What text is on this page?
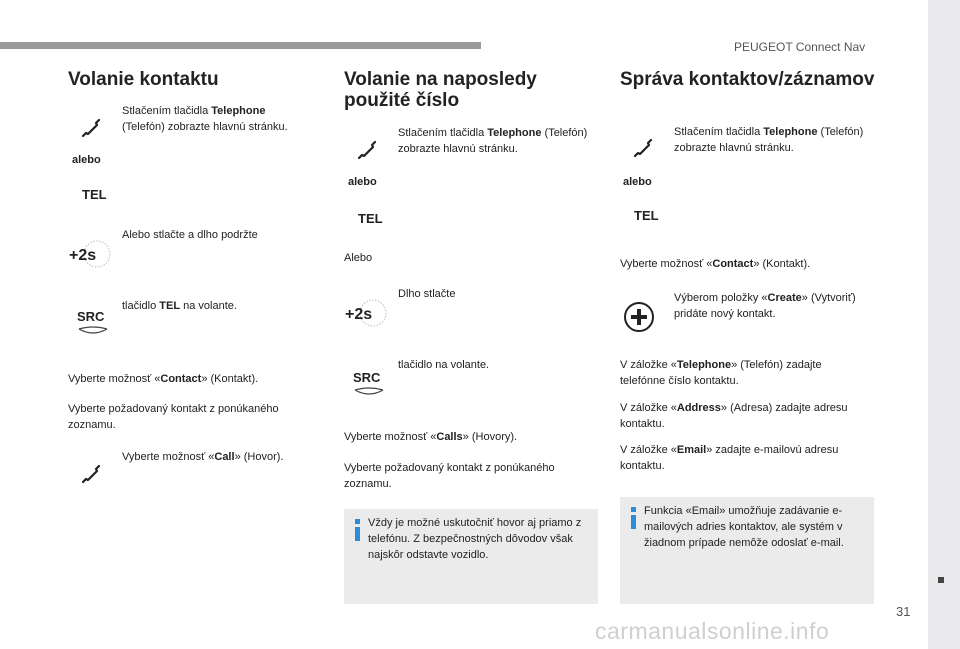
PEUGEOT Connect Nav
31
carmanualsonline.info
Volanie kontaktu
alebo
TEL
Stlačením tlačidla Telephone (Telefón) zobrazte hlavnú stránku.
+2s
Alebo stlačte a dlho podržte
SRC
tlačidlo TEL na volante.
Vyberte možnosť «Contact» (Kontakt).
Vyberte požadovaný kontakt z ponúkaného zoznamu.
Vyberte možnosť «Call» (Hovor).
Volanie na naposledy
použité číslo
alebo
TEL
Stlačením tlačidla Telephone (Telefón) zobrazte hlavnú stránku.
Alebo
+2s
Dlho stlačte
SRC
tlačidlo na volante.
Vyberte možnosť «Calls» (Hovory).
Vyberte požadovaný kontakt z ponúkaného zoznamu.
Vždy je možné uskutočniť hovor aj priamo z telefónu. Z bezpečnostných dôvodov však najskôr odstavte vozidlo.
Správa kontaktov/záznamov
alebo
TEL
Stlačením tlačidla Telephone (Telefón) zobrazte hlavnú stránku.
Vyberte možnosť «Contact» (Kontakt).
Výberom položky «Create» (Vytvoriť) pridáte nový kontakt.
V záložke «Telephone» (Telefón) zadajte telefónne číslo kontaktu.
V záložke «Address» (Adresa) zadajte adresu kontaktu.
V záložke «Email» zadajte e-mailovú adresu kontaktu.
Funkcia «Email» umožňuje zadávanie e-mailových adries kontaktov, ale systém v žiadnom prípade nemôže odoslať e-mail.
